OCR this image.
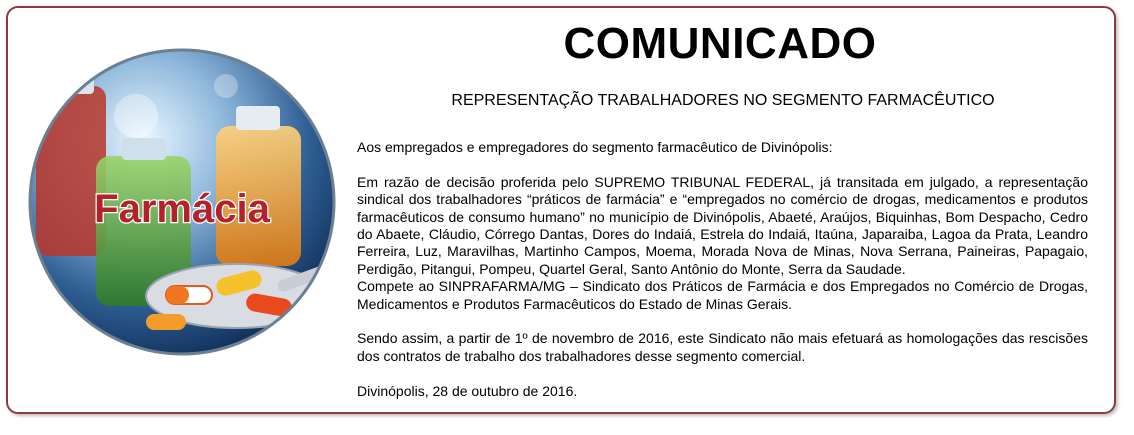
Farmácia
COMUNICADO
REPRESENTAÇÃO TRABALHADORES NO SEGMENTO FARMACÊUTICO

Aos empregados e empregadores do segmento farmacêutico de Divinópolis:

Em razão de decisão proferida pelo SUPREMO TRIBUNAL FEDERAL, já transitada em julgado, a representação sindical dos trabalhadores “práticos de farmácia” e “empregados no comércio de drogas, medicamentos e produtos farmacêuticos de consumo humano” no município de Divinópolis, Abaeté, Araújos, Biquinhas, Bom Despacho, Cedro do Abaete, Cláudio, Córrego Dantas, Dores do Indaiá, Estrela do Indaiá, Itaúna, Japaraiba, Lagoa da Prata, Leandro Ferreira, Luz, Maravilhas, Martinho Campos, Moema, Morada Nova de Minas, Nova Serrana, Paineiras, Papagaio, Perdigão, Pitangui, Pompeu, Quartel Geral, Santo Antônio do Monte, Serra da Saudade.

Compete ao SINPRAFARMA/MG – Sindicato dos Práticos de Farmácia e dos Empregados no Comércio de Drogas, Medicamentos e Produtos Farmacêuticos do Estado de Minas Gerais.

Sendo assim, a partir de 1º de novembro de 2016, este Sindicato não mais efetuará as homologações das rescisões dos contratos de trabalho dos trabalhadores desse segmento comercial.

Divinópolis, 28 de outubro de 2016.
